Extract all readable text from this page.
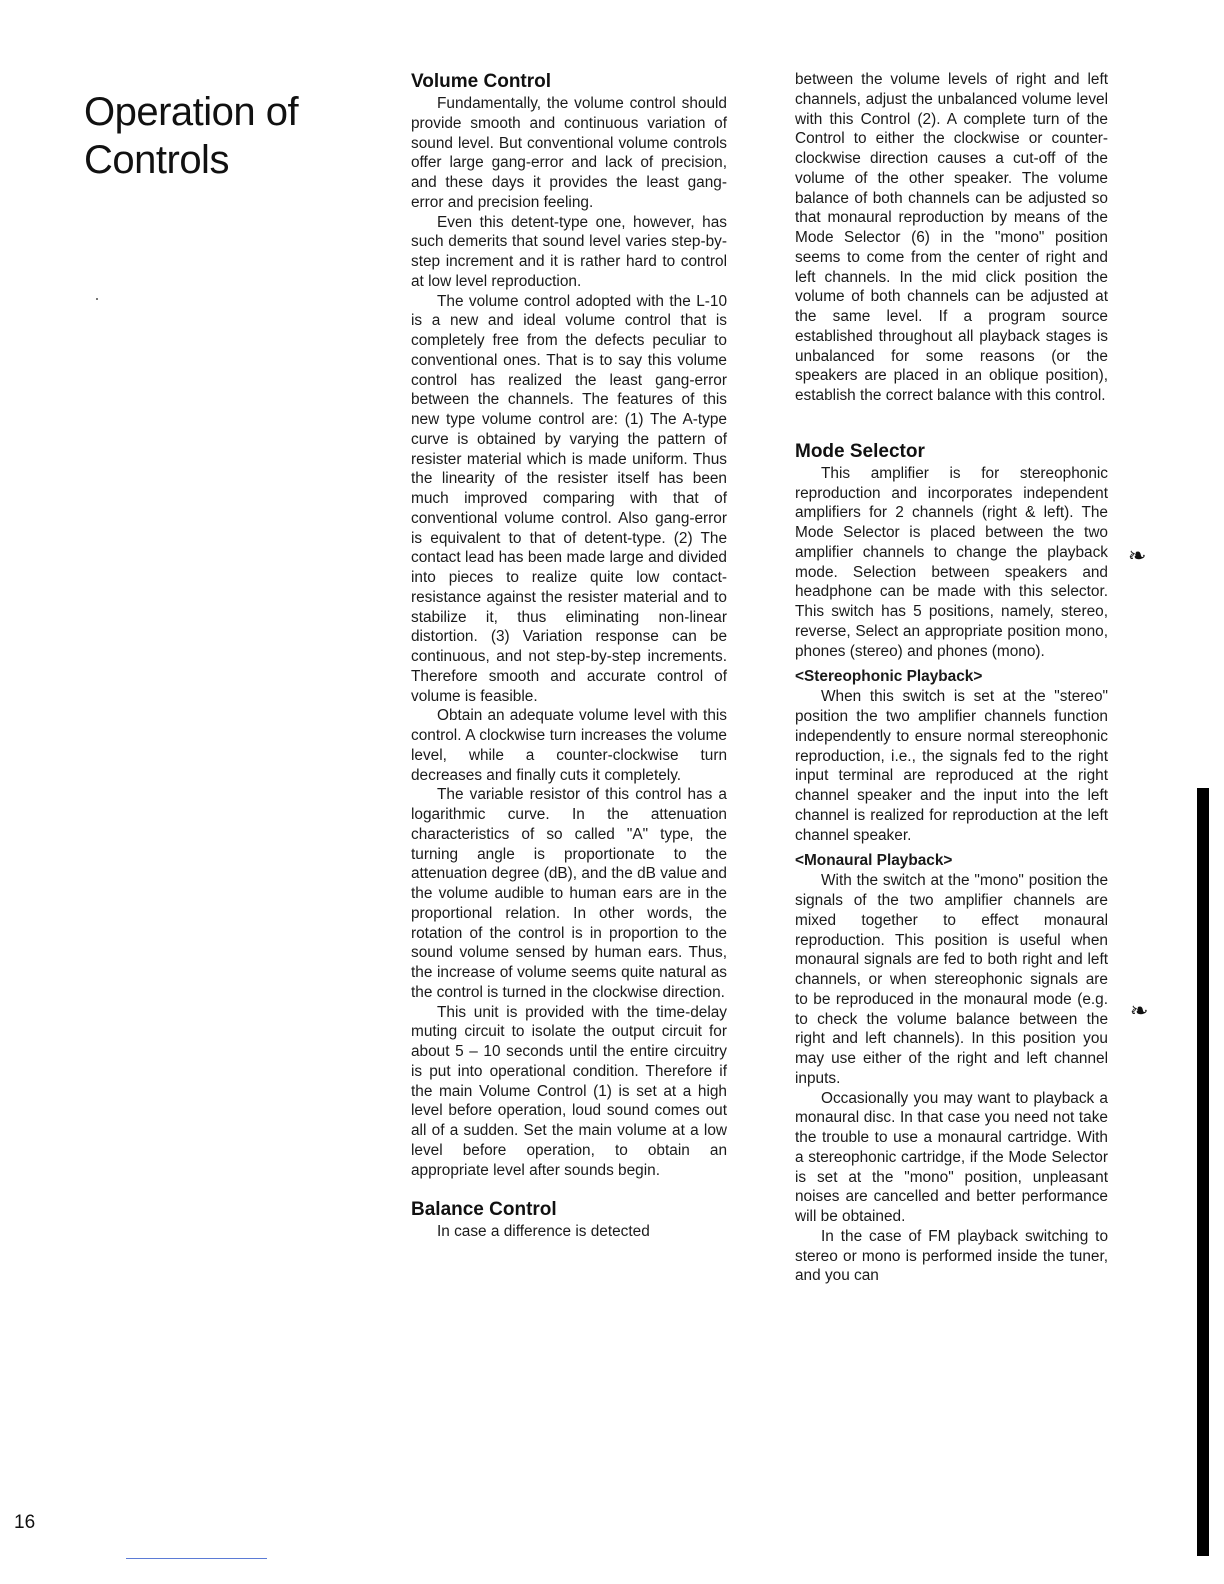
Operation of Controls
Volume Control

Fundamentally, the volume control should provide smooth and continuous variation of sound level. But conventional volume controls offer large gang-error and lack of precision, and these days it provides the least gang-error and precision feeling.

Even this detent-type one, however, has such demerits that sound level varies step-by-step increment and it is rather hard to control at low level reproduction.

The volume control adopted with the L-10 is a new and ideal volume control that is completely free from the defects peculiar to conventional ones. That is to say this volume control has realized the least gang-error between the channels. The features of this new type volume control are: (1) The A-type curve is obtained by varying the pattern of resister material which is made uniform. Thus the linearity of the resister itself has been much improved comparing with that of conventional volume control. Also gang-error is equivalent to that of detent-type. (2) The contact lead has been made large and divided into pieces to realize quite low contact-resistance against the resister material and to stabilize it, thus eliminating non-linear distortion. (3) Variation response can be continuous, and not step-by-step increments. Therefore smooth and accurate control of volume is feasible.

Obtain an adequate volume level with this control. A clockwise turn increases the volume level, while a counter-clockwise turn decreases and finally cuts it completely.

The variable resistor of this control has a logarithmic curve. In the attenuation characteristics of so called "A" type, the turning angle is proportionate to the attenuation degree (dB), and the dB value and the volume audible to human ears are in the proportional relation. In other words, the rotation of the control is in proportion to the sound volume sensed by human ears. Thus, the increase of volume seems quite natural as the control is turned in the clockwise direction.

This unit is provided with the time-delay muting circuit to isolate the output circuit for about 5 – 10 seconds until the entire circuitry is put into operational condition. Therefore if the main Volume Control (1) is set at a high level before operation, loud sound comes out all of a sudden. Set the main volume at a low level before operation, to obtain an appropriate level after sounds begin.

Balance Control

In case a difference is detected

between the volume levels of right and left channels, adjust the unbalanced volume level with this Control (2). A complete turn of the Control to either the clockwise or counter-clockwise direction causes a cut-off of the volume of the other speaker. The volume balance of both channels can be adjusted so that monaural reproduction by means of the Mode Selector (6) in the "mono" position seems to come from the center of right and left channels. In the mid click position the volume of both channels can be adjusted at the same level. If a program source established throughout all playback stages is unbalanced for some reasons (or the speakers are placed in an oblique position), establish the correct balance with this control.

Mode Selector

This amplifier is for stereophonic reproduction and incorporates independent amplifiers for 2 channels (right & left). The Mode Selector is placed between the two amplifier channels to change the playback mode. Selection between speakers and headphone can be made with this selector. This switch has 5 positions, namely, stereo, reverse, Select an appropriate position mono, phones (stereo) and phones (mono).

<Stereophonic Playback>

When this switch is set at the "stereo" position the two amplifier channels function independently to ensure normal stereophonic reproduction, i.e., the signals fed to the right input terminal are reproduced at the right channel speaker and the input into the left channel is realized for reproduction at the left channel speaker.

<Monaural Playback>

With the switch at the "mono" position the signals of the two amplifier channels are mixed together to effect monaural reproduction. This position is useful when monaural signals are fed to both right and left channels, or when stereophonic signals are to be reproduced in the monaural mode (e.g. to check the volume balance between the right and left channels). In this position you may use either of the right and left channel inputs.

Occasionally you may want to playback a monaural disc. In that case you need not take the trouble to use a monaural cartridge. With a stereophonic cartridge, if the Mode Selector is set at the "mono" position, unpleasant noises are cancelled and better performance will be obtained.

In the case of FM playback switching to stereo or mono is performed inside the tuner, and you can

❧
❧
16
